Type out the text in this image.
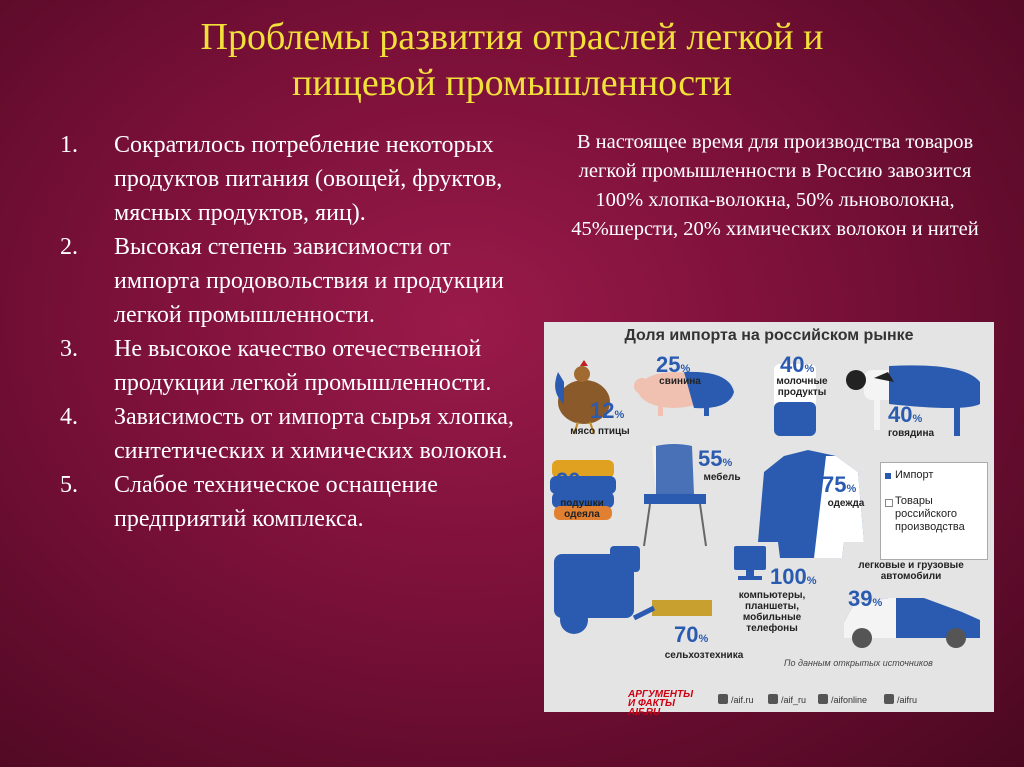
Проблемы развития отраслей легкой и
пищевой промышленности
1. Сократилось потребление некоторых продуктов питания (овощей, фруктов, мясных продуктов, яиц).
2. Высокая степень зависимости от импорта продовольствия и продукции легкой промышленности.
3. Не высокое качество отечественной продукции легкой промышленности.
4. Зависимость от импорта сырья хлопка, синтетических и химических волокон.
5. Слабое техническое оснащение предприятий комплекса.
В настоящее время для производства товаров легкой промышленности в Россию завозится 100% хлопка-волокна, 50% льноволокна, 45%шерсти, 20% химических волокон и нитей
Доля импорта на российском рынке
12%
мясо птицы
25%
свинина
40%
молочные продукты
40%
говядина
20%
подушки одеяла
55%
мебель	75%
одежда
100%
компьютеры, планшеты, мобильные телефоны
39%
легковые и грузовые автомобили
70%
сельхозтехника
Импорт
Товары российского производства
По данным открытых источников
АРГУМЕНТЫ И ФАКТЫ AIF.RU
/aif.ru	/aif_ru	/aifonline	/aifru
